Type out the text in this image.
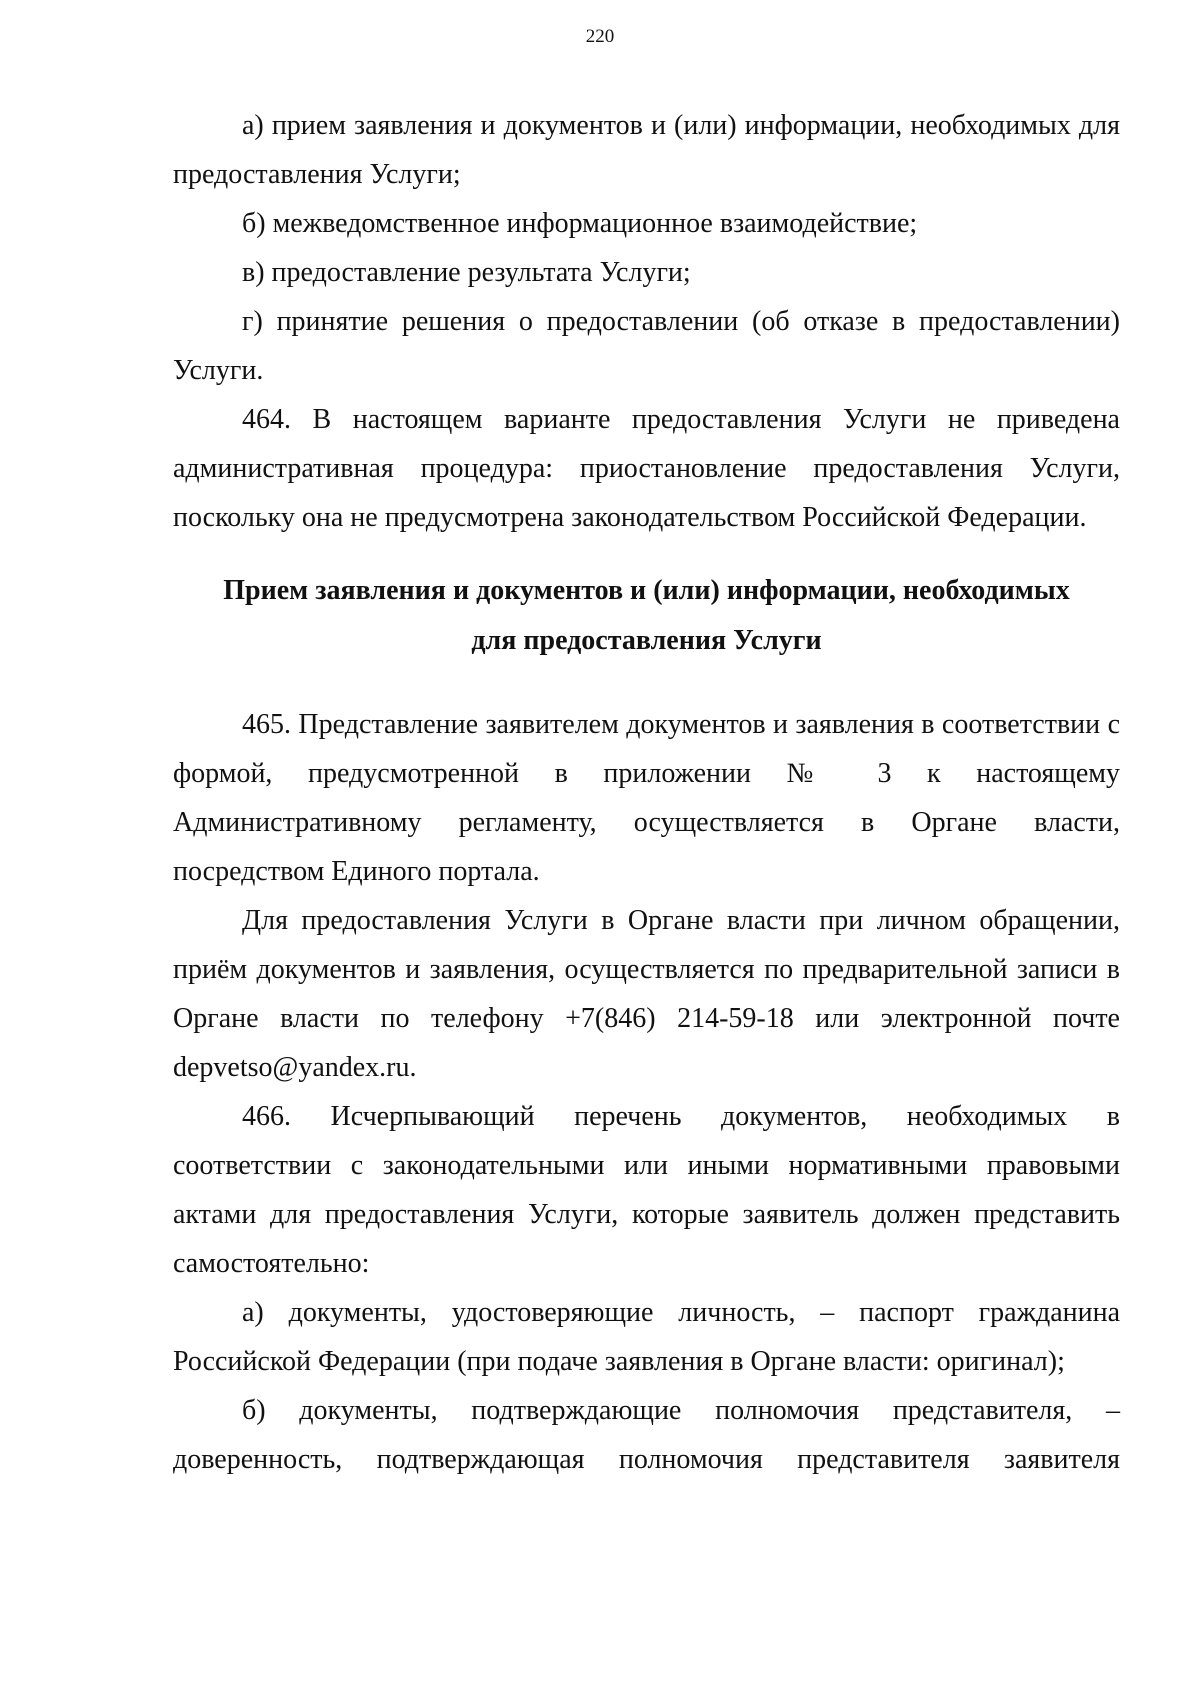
220

а) прием заявления и документов и (или) информации, необходимых для предоставления Услуги;

б) межведомственное информационное взаимодействие;

в) предоставление результата Услуги;

г) принятие решения о предоставлении (об отказе в предоставлении) Услуги.

464. В настоящем варианте предоставления Услуги не приведена административная процедура: приостановление предоставления Услуги, поскольку она не предусмотрена законодательством Российской Федерации.

Прием заявления и документов и (или) информации, необходимых
для предоставления Услуги

465. Представление заявителем документов и заявления в соответствии с формой, предусмотренной в приложении № 3 к настоящему Административному регламенту, осуществляется в Органе власти, посредством Единого портала.

Для предоставления Услуги в Органе власти при личном обращении, приём документов и заявления, осуществляется по предварительной записи в Органе власти по телефону +7(846) 214-59-18 или электронной почте depvetso@yandex.ru.

466. Исчерпывающий перечень документов, необходимых в соответствии с законодательными или иными нормативными правовыми актами для предоставления Услуги, которые заявитель должен представить самостоятельно:

а) документы, удостоверяющие личность, – паспорт гражданина Российской Федерации (при подаче заявления в Органе власти: оригинал);

б) документы, подтверждающие полномочия представителя, – доверенность, подтверждающая полномочия представителя заявителя
